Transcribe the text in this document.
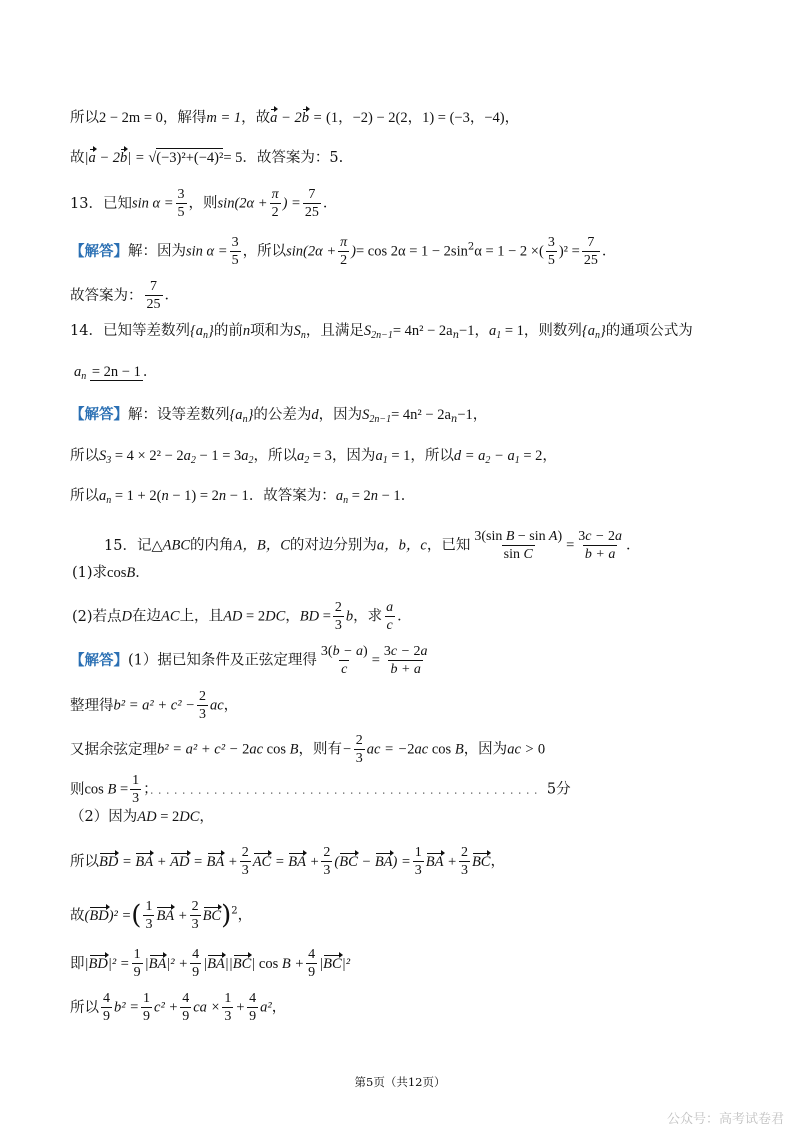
所以2 − 2m = 0，解得m = 1，故a − 2b = (1，−2) − 2(2，1) = (−3，−4)，
故|a − 2b| = √(−3)²+(−4)²= 5．故答案为：5.
13．已知$\sin \alpha = \frac{3}{5}$ ，则$\sin(2\alpha + \frac{\pi}{2}$ ) = $\frac{7}{25}$ ．
【解答】解：因为$\sin \alpha = \frac{3}{5}$ ，所以$\sin(2\alpha + \frac{\pi}{2}$ )= $\cos 2\alpha = 1 - 2\sin^2\alpha = 1 - 2$ ×( $\frac{3}{5} )^2 = \frac{7}{25}$ ．
故答案为： $\frac{7}{25}$ ．
14．已知等差数列$\{a_n\}$的前n项和为$S_n$，且满足$S_{2n-1}= 4n^2 - 2a_n-1$，$a_1 = 1$，则数列$\{a_n\}$的通项公式为
$a_n = 2n - 1$ ．
【解答】解：设等差数列$\{a_n\}$的公差为d，因为$S_{2n-1}= 4n^2 - 2a_n-1$，
所以$S_3 = 4 \times 2^2 - 2a_2 - 1 = 3a_2$，所以$a_2 = 3$，因为$a_1 = 1$，所以$d = a_2 - a_1 = 2$，
所以$a_n = 1 + 2(n - 1) = 2n - 1$．故答案为：$a_n = 2n - 1$．
15．记△ABC的内角A，B，C的对边分别为a，b，c，已知 $\frac{\text{3(sin B − sin A)}}{\text{sin C}} = \frac{3c - 2a}{b + a}$ ．
(1)求cosB．
(2)若点D在边AC上，且AD = 2DC，BD = $\frac{2}{3}$ b，求 $\frac{a}{c}$ ．
【解答】(1）据已知条件及正弦定理得 $\frac{3(b - a)}{c} = \frac{3c - 2a}{b + a}$
整理得$b^2 = a^2 + c^2 - \frac{2}{3}$ ac，
又据余弦定理b² = a² + c² − 2ac cos B，则有− $\frac{2}{3}$ ac = −2ac cos B，因为ac > 0
则$\cos B = \frac{1}{3}$ ；．．．．．．．．．．．．．．．．．．．．．．．．．．．．．．．．．．．．．．．．．．．．．．．．．5分
（2）因为AD = 2DC，
所以BD = BA + AD = BA + $\frac{2}{3}$ AC = BA + $\frac{2}{3} (BC - BA) = \frac{1}{3}$ BA + $\frac{2}{3}$ BC，
故(BD)² =( $\frac{1}{3}$ BA + $\frac{2}{3} BC)^2$，
即$|BD|^2 = \frac{1}{9} |BA|^2 + \frac{4}{9} |BA||BC|$ $\cos B + \frac{4}{9} |BC|^2$
所以 $\frac{4}{9} b^2 = \frac{1}{9} c^2 + \frac{4}{9}$ ca × $\frac{1}{3} + \frac{4}{9} a^2$，
第5页（共12页）
公众号：高考试卷君
